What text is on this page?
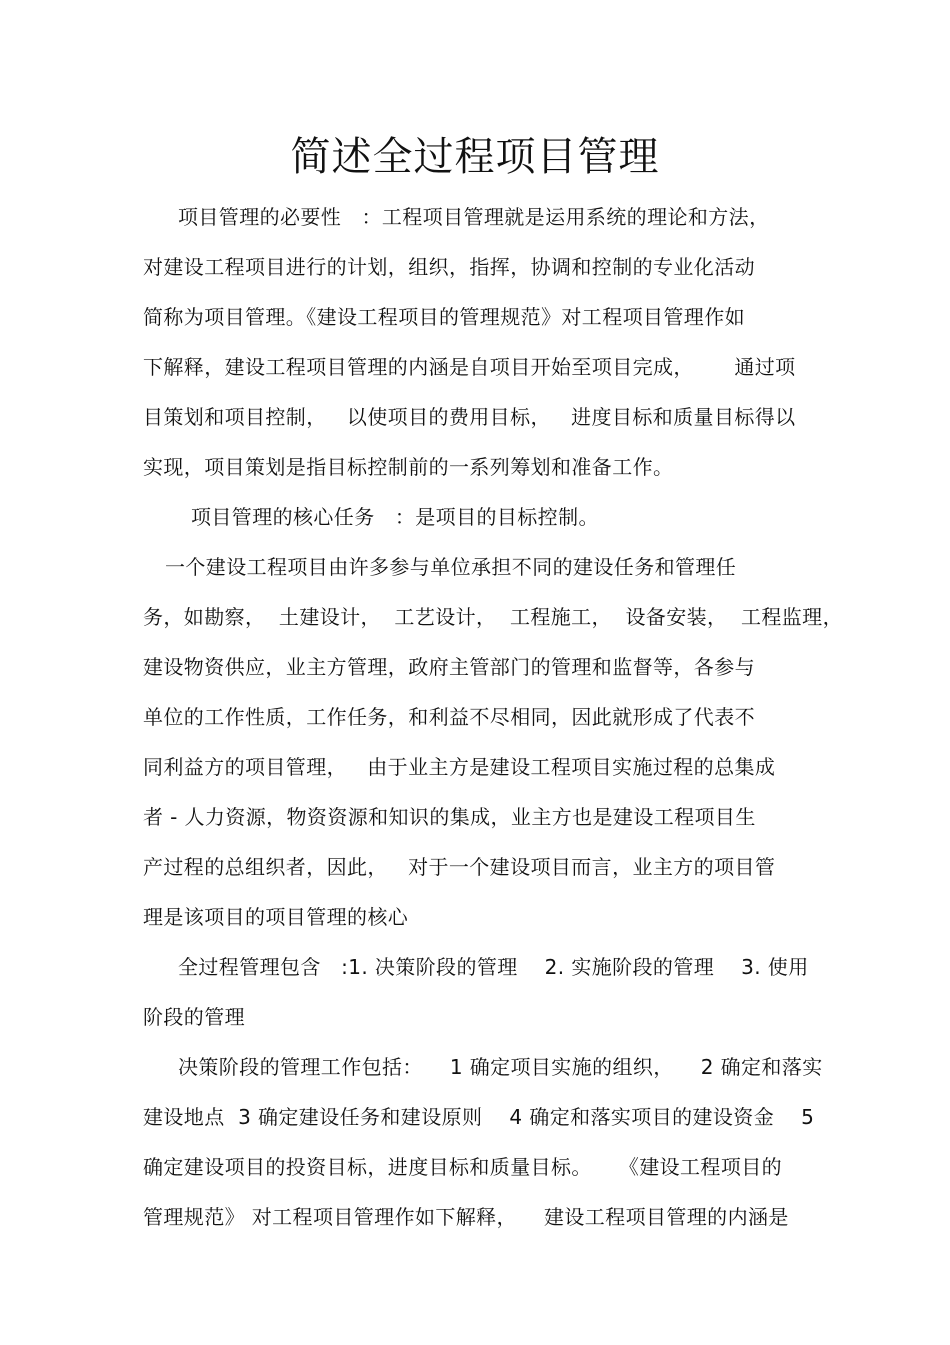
简述全过程项目管理
项目管理的必要性   ：工程项目管理就是运用系统的理论和方法，
对建设工程项目进行的计划，组织，指挥，协调和控制的专业化活动
简称为项目管理。《建设工程项目的管理规范》对工程项目管理作如
下解释，建设工程项目管理的内涵是自项目开始至项目完成，      通过项
目策划和项目控制，   以使项目的费用目标，   进度目标和质量目标得以
实现，项目策划是指目标控制前的一系列筹划和准备工作。
项目管理的核心任务   ：是项目的目标控制。
一个建设工程项目由许多参与单位承担不同的建设任务和管理任
务，如勘察，  土建设计，  工艺设计，  工程施工，  设备安装，  工程监理，
建设物资供应，业主方管理，政府主管部门的管理和监督等，各参与
单位的工作性质，工作任务，和利益不尽相同，因此就形成了代表不
同利益方的项目管理，   由于业主方是建设工程项目实施过程的总集成
者 - 人力资源，物资资源和知识的集成，业主方也是建设工程项目生
产过程的总组织者，因此，   对于一个建设项目而言，业主方的项目管
理是该项目的项目管理的核心
全过程管理包含   :1. 决策阶段的管理    2. 实施阶段的管理    3. 使用
阶段的管理
决策阶段的管理工作包括：    1 确定项目实施的组织，    2 确定和落实
建设地点  3 确定建设任务和建设原则    4 确定和落实项目的建设资金    5
确定建设项目的投资目标，进度目标和质量目标。    《建设工程项目的
管理规范》 对工程项目管理作如下解释，    建设工程项目管理的内涵是
